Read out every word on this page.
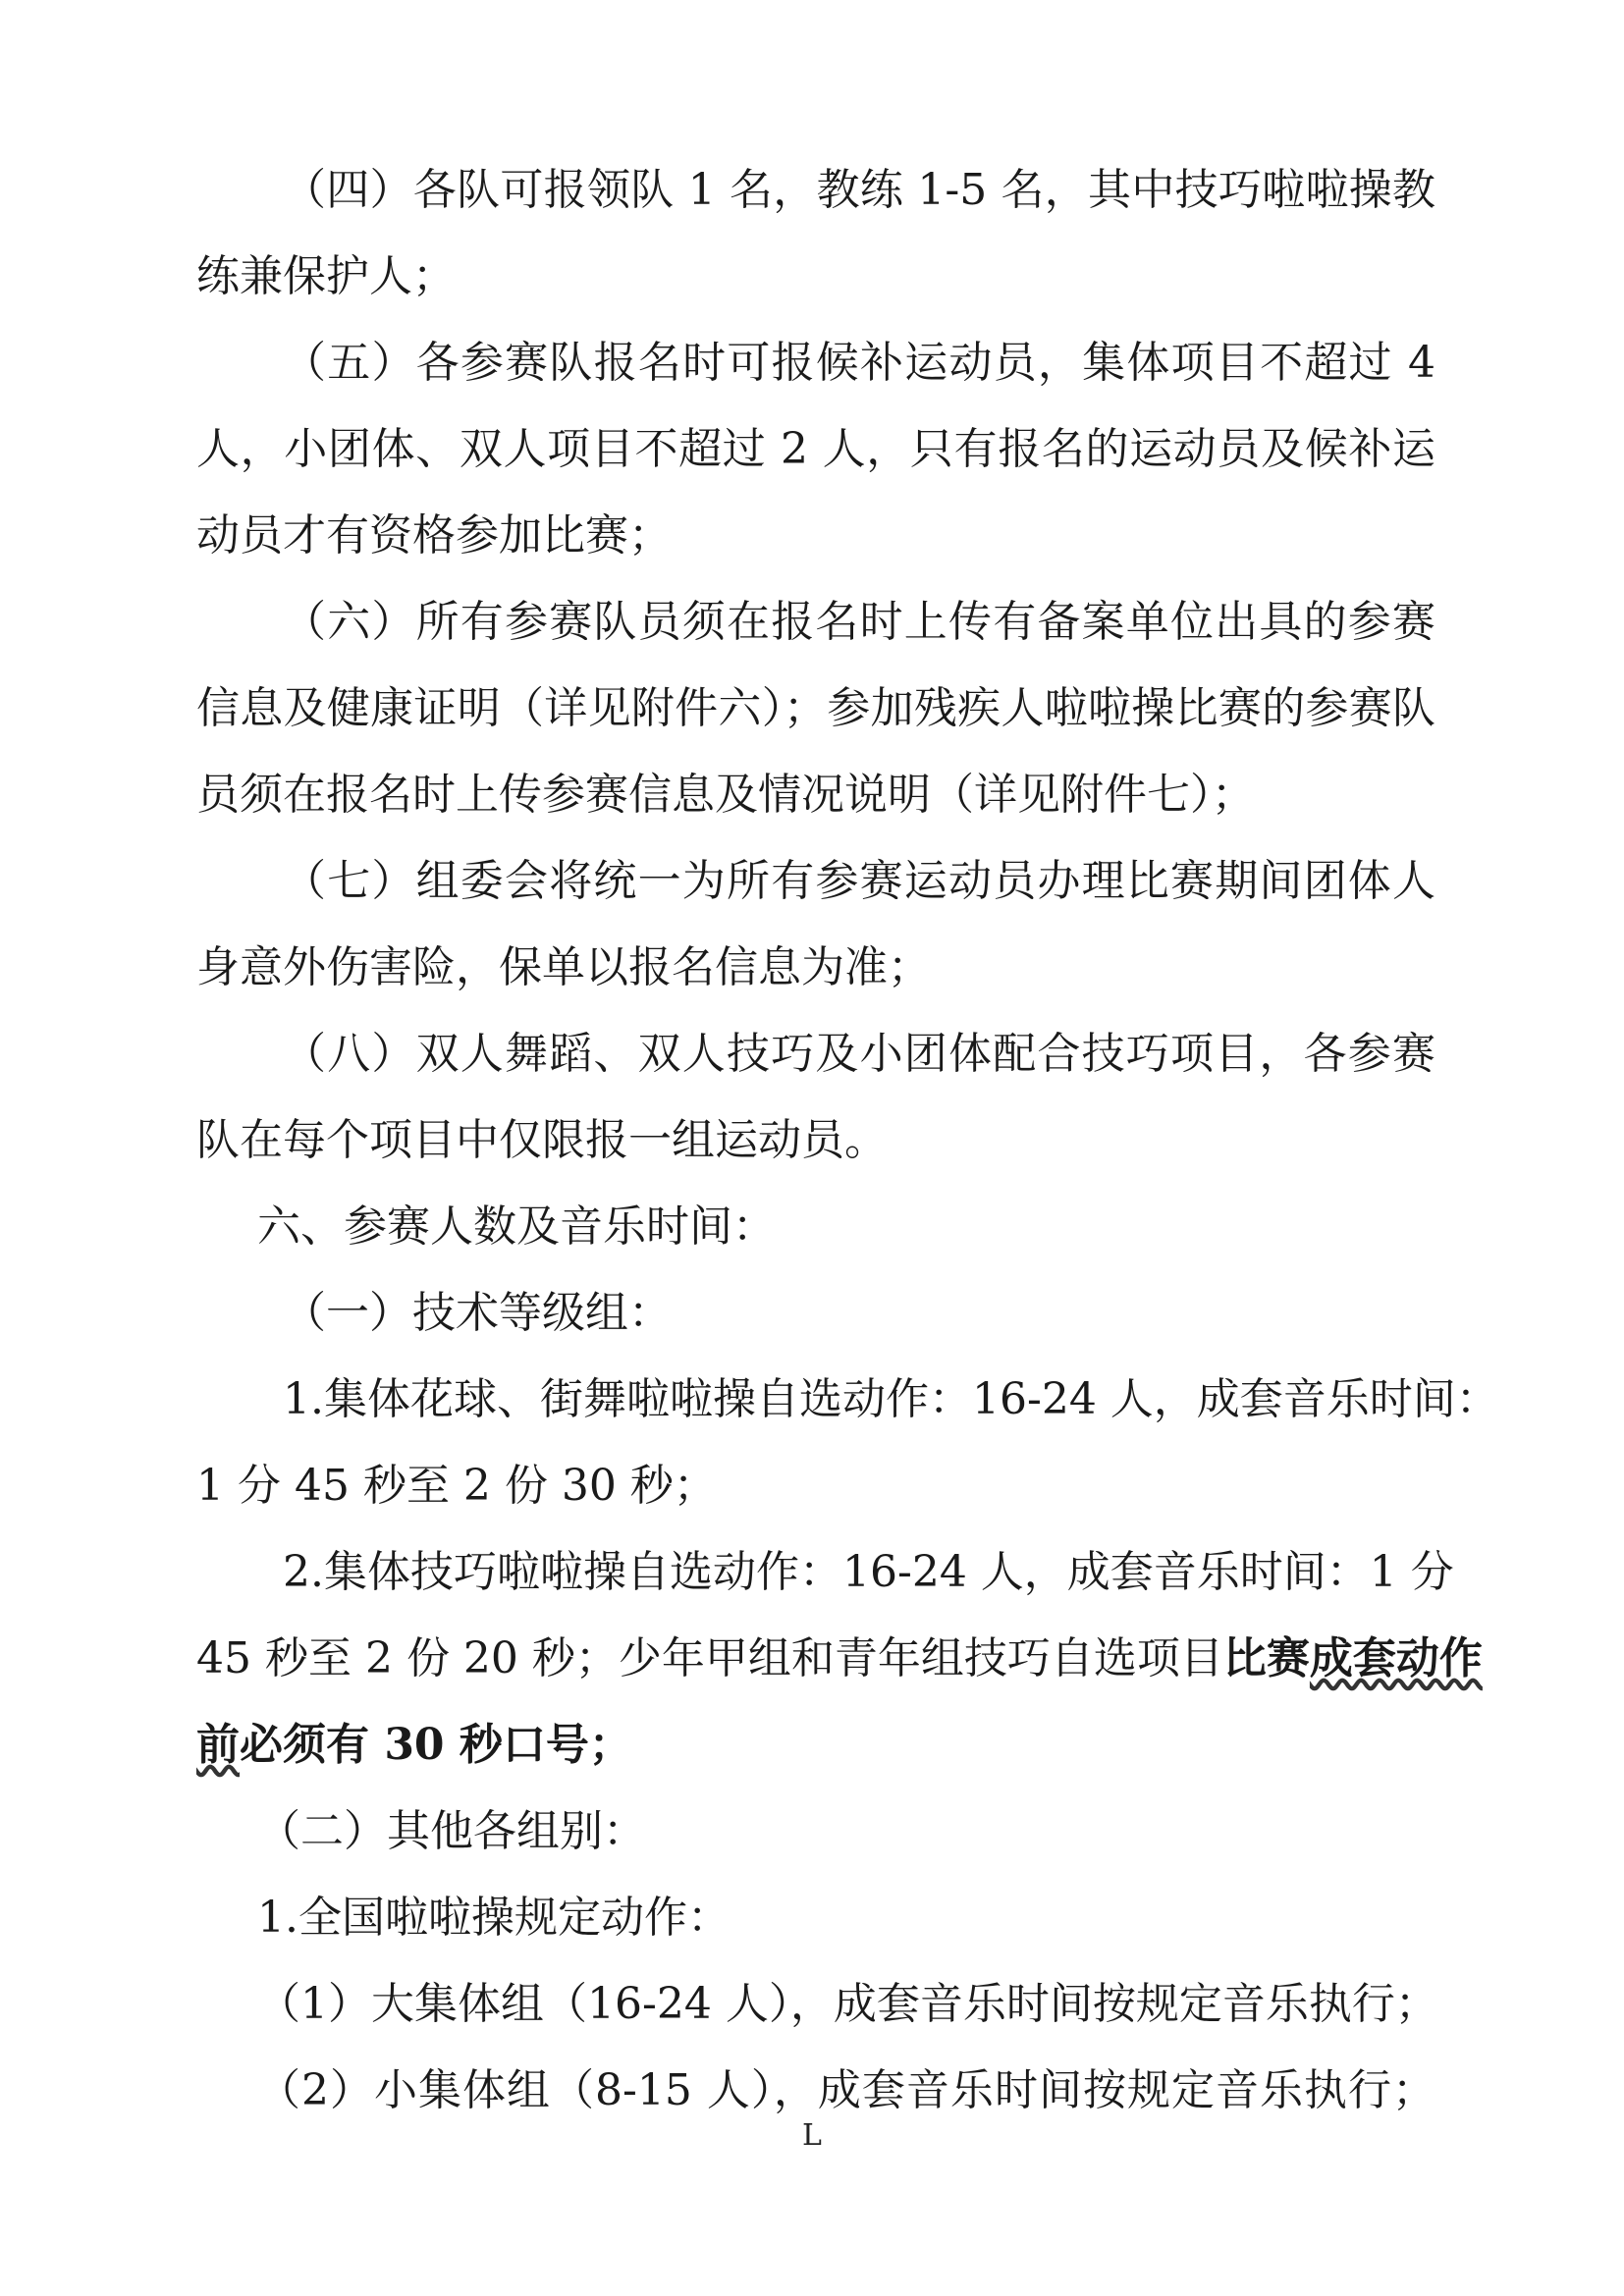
（四）各队可报领队 1 名，教练 1-5 名，其中技巧啦啦操教
练兼保护人；
（五）各参赛队报名时可报候补运动员，集体项目不超过 4
人，小团体、双人项目不超过 2 人，只有报名的运动员及候补运
动员才有资格参加比赛；
（六）所有参赛队员须在报名时上传有备案单位出具的参赛
信息及健康证明（详见附件六）；参加残疾人啦啦操比赛的参赛队
员须在报名时上传参赛信息及情况说明（详见附件七）；
（七）组委会将统一为所有参赛运动员办理比赛期间团体人
身意外伤害险，保单以报名信息为准；
（八）双人舞蹈、双人技巧及小团体配合技巧项目，各参赛
队在每个项目中仅限报一组运动员。
六、参赛人数及音乐时间：
（一）技术等级组：
1.集体花球、街舞啦啦操自选动作：16-24 人，成套音乐时间：
1 分 45 秒至 2 份 30 秒；
2.集体技巧啦啦操自选动作：16-24 人，成套音乐时间：1 分
45 秒至 2 份 20 秒；少年甲组和青年组技巧自选项目比赛成套动作
前必须有 30 秒口号；
（二）其他各组别：
1.全国啦啦操规定动作：
（1）大集体组（16-24 人），成套音乐时间按规定音乐执行；
（2）小集体组（8-15 人），成套音乐时间按规定音乐执行；
L
